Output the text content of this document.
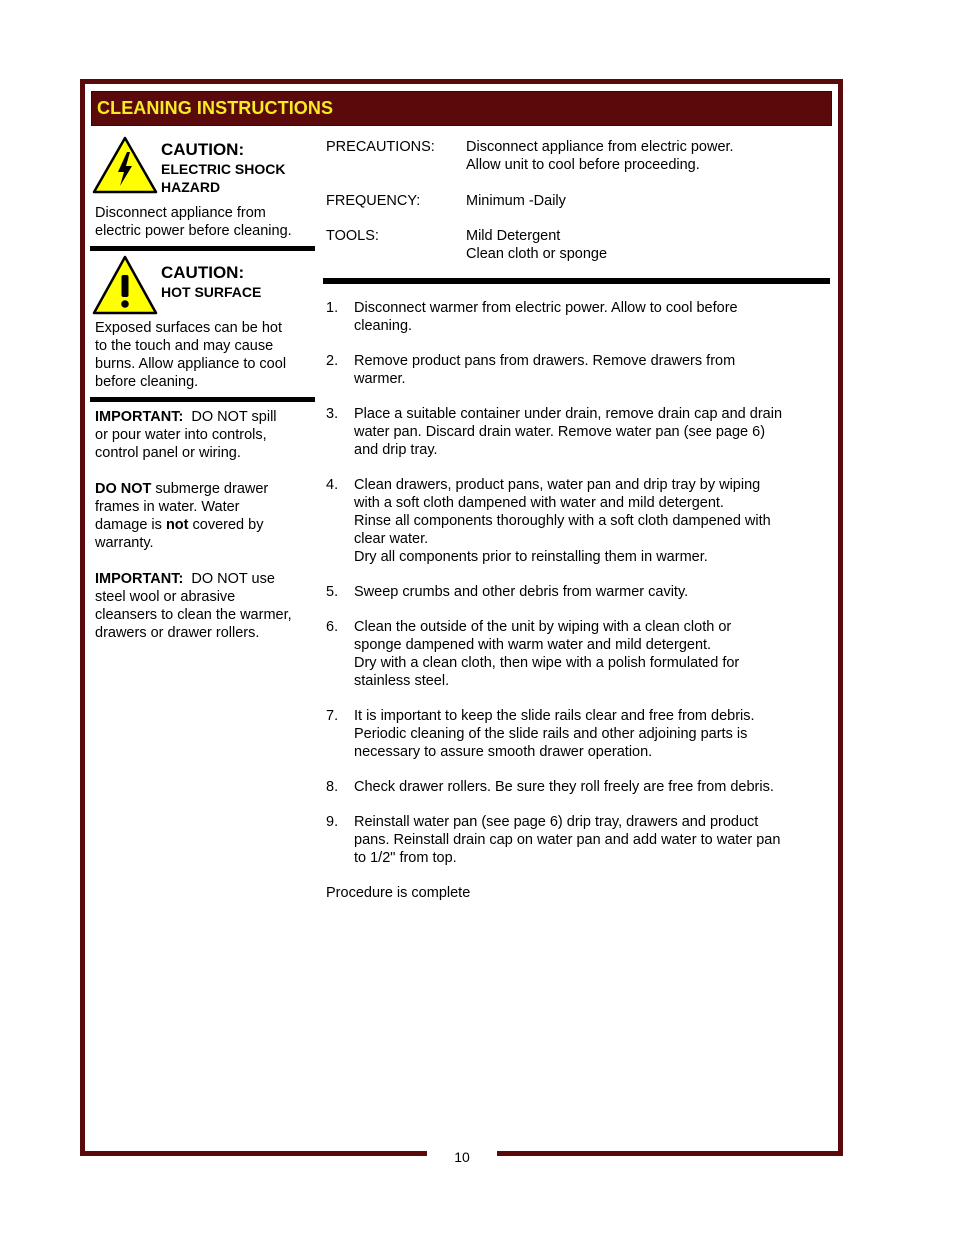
10
CLEANING INSTRUCTIONS
CAUTION:
ELECTRIC SHOCK
HAZARD
Disconnect appliance from
electric power before cleaning.
CAUTION:
HOT SURFACE
Exposed surfaces can be hot
to the touch and may cause
burns. Allow appliance to cool
before cleaning.

IMPORTANT:  DO NOT spill
or pour water into controls,
control panel or wiring.

DO NOT submerge drawer
frames in water. Water
damage is not covered by
warranty.

IMPORTANT:  DO NOT use
steel wool or abrasive
cleansers to clean the warmer,
drawers or drawer rollers.

PRECAUTIONS:	Disconnect appliance from electric power.
Allow unit to cool before proceeding.
FREQUENCY:	Minimum -Daily
TOOLS:	Mild Detergent
Clean cloth or sponge
1. Disconnect warmer from electric power. Allow to cool before
cleaning.
2. Remove product pans from drawers. Remove drawers from
warmer.
3. Place a suitable container under drain, remove drain cap and drain
water pan. Discard drain water. Remove water pan (see page 6)
and drip tray.
4. Clean drawers, product pans, water pan and drip tray by wiping
with a soft cloth dampened with water and mild detergent.
Rinse all components thoroughly with a soft cloth dampened with
clear water.
Dry all components prior to reinstalling them in warmer.
5. Sweep crumbs and other debris from warmer cavity.
6. Clean the outside of the unit by wiping with a clean cloth or
sponge dampened with warm water and mild detergent.
Dry with a clean cloth, then wipe with a polish formulated for
stainless steel.
7. It is important to keep the slide rails clear and free from debris.
Periodic cleaning of the slide rails and other adjoining parts is
necessary to assure smooth drawer operation.
8. Check drawer rollers. Be sure they roll freely are free from debris.
9. Reinstall water pan (see page 6) drip tray, drawers and product
pans. Reinstall drain cap on water pan and add water to water pan
to 1/2" from top.
Procedure is complete
